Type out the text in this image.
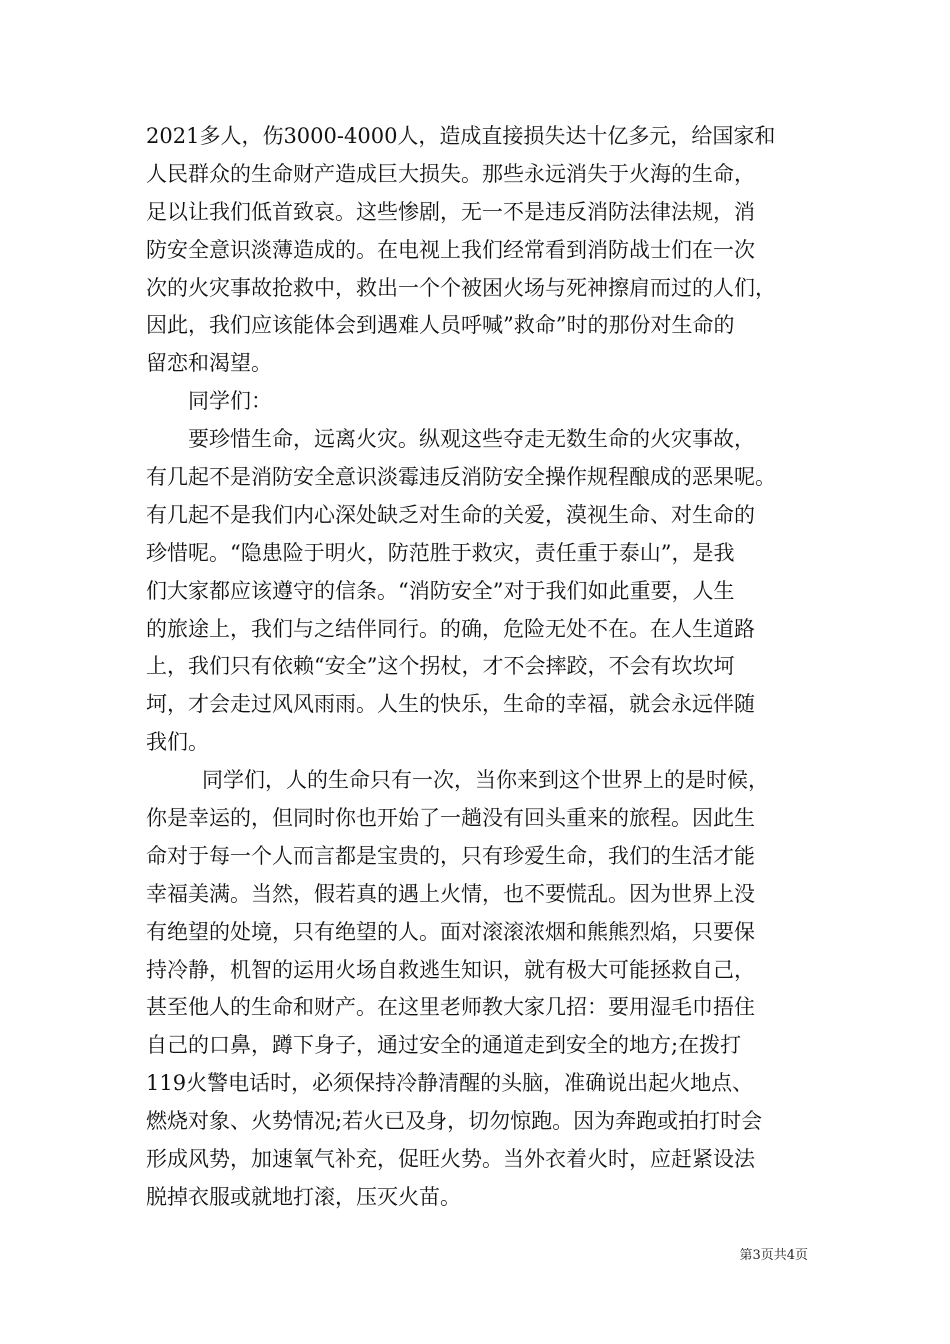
2021多人，伤3000-4000人，造成直接损失达十亿多元，给国家和
人民群众的生命财产造成巨大损失。那些永远消失于火海的生命，
足以让我们低首致哀。这些惨剧，无一不是违反消防法律法规，消
防安全意识淡薄造成的。在电视上我们经常看到消防战士们在一次
次的火灾事故抢救中，救出一个个被困火场与死神擦肩而过的人们，
因此，我们应该能体会到遇难人员呼喊”救命”时的那份对生命的
留恋和渴望。
同学们：
要珍惜生命，远离火灾。纵观这些夺走无数生命的火灾事故，
有几起不是消防安全意识淡霉违反消防安全操作规程酿成的恶果呢。
有几起不是我们内心深处缺乏对生命的关爱，漠视生命、对生命的
珍惜呢。“隐患险于明火，防范胜于救灾，责任重于泰山”，是我
们大家都应该遵守的信条。“消防安全”对于我们如此重要，人生
的旅途上，我们与之结伴同行。的确，危险无处不在。在人生道路
上，我们只有依赖“安全”这个拐杖，才不会摔跤，不会有坎坎坷
坷，才会走过风风雨雨。人生的快乐，生命的幸福，就会永远伴随
我们。
同学们，人的生命只有一次，当你来到这个世界上的是时候，
你是幸运的，但同时你也开始了一趟没有回头重来的旅程。因此生
命对于每一个人而言都是宝贵的，只有珍爱生命，我们的生活才能
幸福美满。当然，假若真的遇上火情，也不要慌乱。因为世界上没
有绝望的处境，只有绝望的人。面对滚滚浓烟和熊熊烈焰，只要保
持冷静，机智的运用火场自救逃生知识，就有极大可能拯救自己，
甚至他人的生命和财产。在这里老师教大家几招：要用湿毛巾捂住
自己的口鼻，蹲下身子，通过安全的通道走到安全的地方;在拨打
119火警电话时，必须保持冷静清醒的头脑，准确说出起火地点、
燃烧对象、火势情况;若火已及身，切勿惊跑。因为奔跑或拍打时会
形成风势，加速氧气补充，促旺火势。当外衣着火时，应赶紧设法
脱掉衣服或就地打滚，压灭火苗。
第3页共4页
